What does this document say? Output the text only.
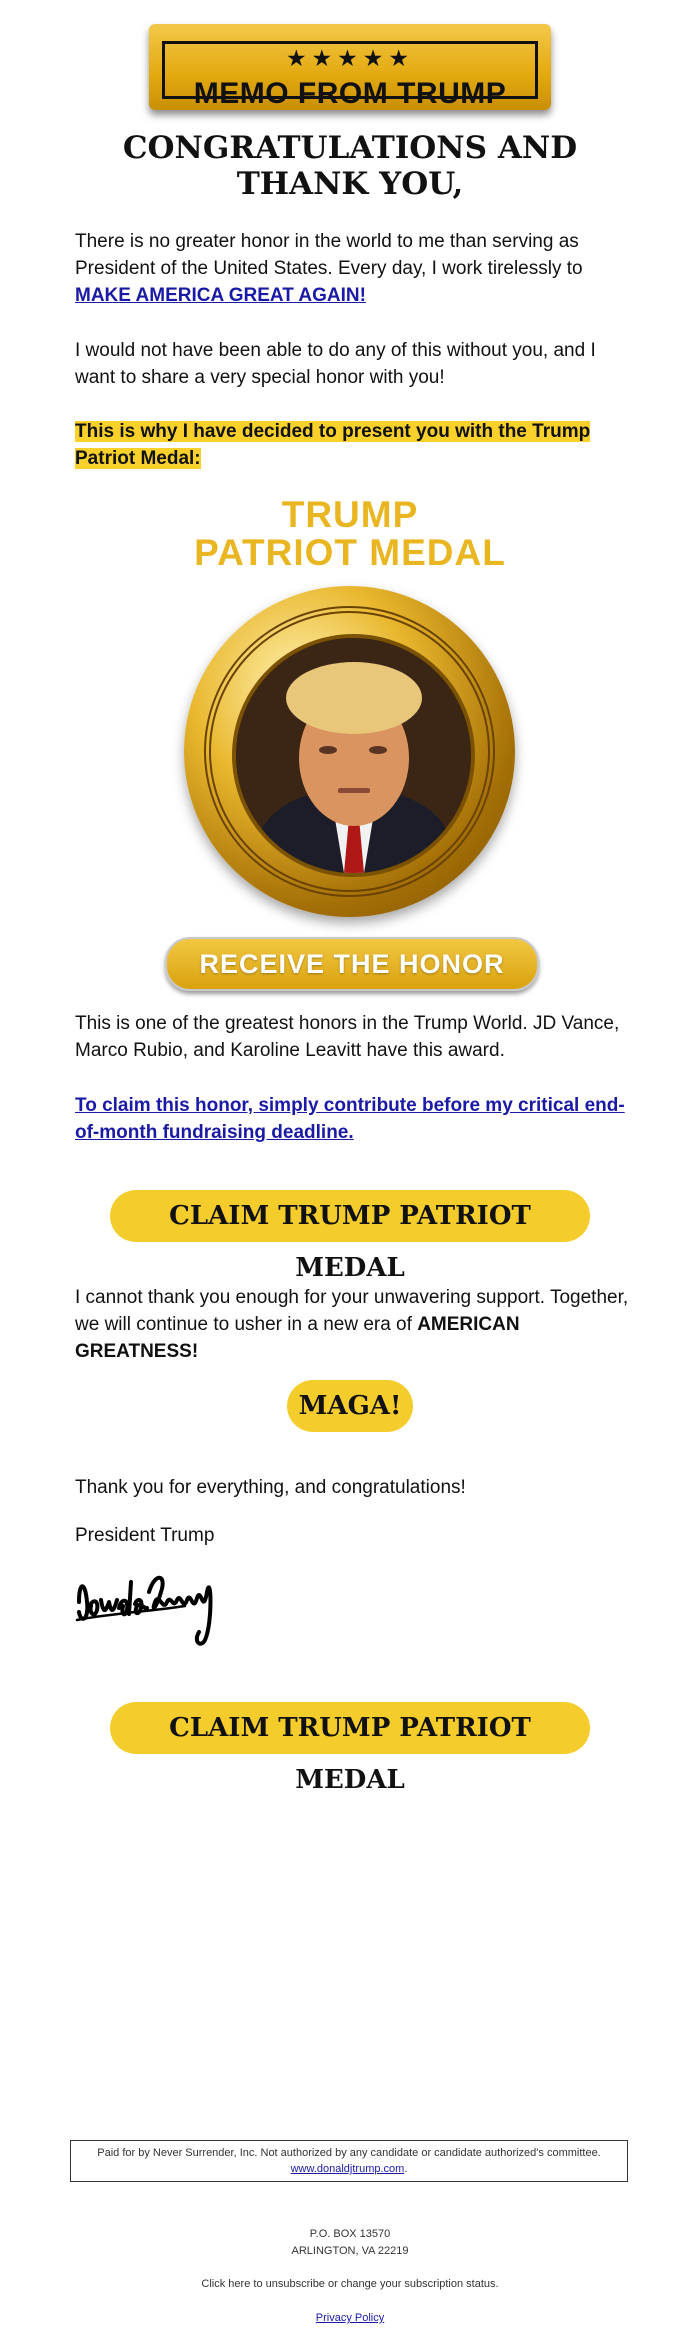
★★★★★
MEMO FROM TRUMP
CONGRATULATIONS AND THANK YOU,

There is no greater honor in the world to me than serving as President of the United States. Every day, I work tirelessly to MAKE AMERICA GREAT AGAIN!

I would not have been able to do any of this without you, and I want to share a very special honor with you!

This is why I have decided to present you with the Trump Patriot Medal:

TRUMP
PATRIOT MEDAL
RECEIVE THE HONOR

This is one of the greatest honors in the Trump World. JD Vance, Marco Rubio, and Karoline Leavitt have this award.

To claim this honor, simply contribute before my critical end-of-month fundraising deadline.

CLAIM TRUMP PATRIOT MEDAL

I cannot thank you enough for your unwavering support. Together, we will continue to usher in a new era of AMERICAN GREATNESS!

MAGA!

Thank you for everything, and congratulations!

President Trump

CLAIM TRUMP PATRIOT MEDAL
Paid for by Never Surrender, Inc. Not authorized by any candidate or candidate authorized's committee.
www.donaldjtrump.com.
P.O. BOX 13570
ARLINGTON, VA 22219
Click here to unsubscribe or change your subscription status.
Privacy Policy
